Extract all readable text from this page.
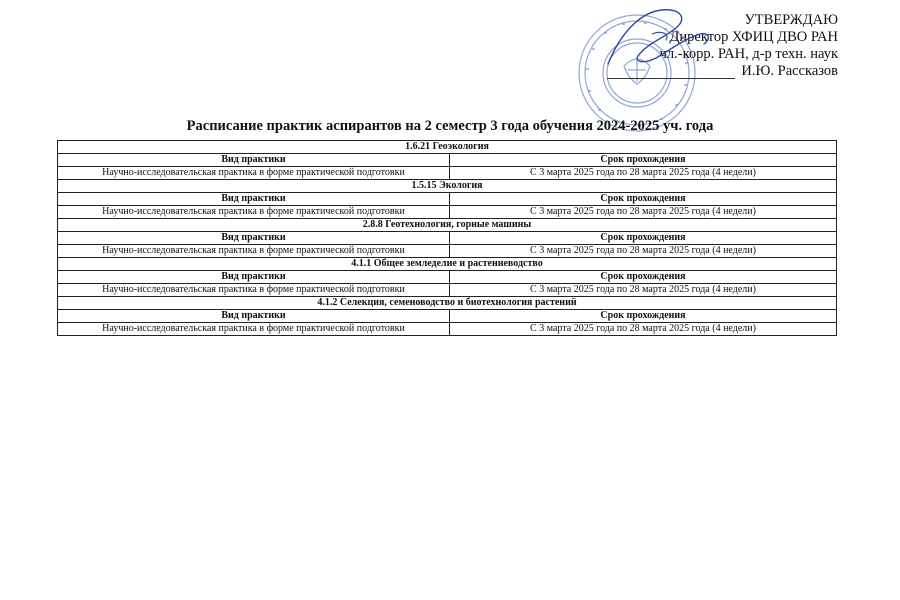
УТВЕРЖДАЮ
Директор ХФИЦ ДВО РАН
чл.-корр. РАН, д-р техн. наук
И.Ю. Рассказов
Расписание практик аспирантов на 2 семестр 3 года обучения 2024-2025 уч. года
1.6.21 Геоэкология	
Вид практики	Срок прохождения
Научно-исследовательская практика в форме практической подготовки	С 3 марта 2025 года по 28 марта 2025 года (4 недели)
1.5.15 Экология	
Вид практики	Срок прохождения
Научно-исследовательская практика в форме практической подготовки	С 3 марта 2025 года по 28 марта 2025 года (4 недели)
2.8.8 Геотехнология, горные машины	
Вид практики	Срок прохождения
Научно-исследовательская практика в форме практической подготовки	С 3 марта 2025 года по 28 марта 2025 года (4 недели)
4.1.1 Общее земледелие и растениеводство	
Вид практики	Срок прохождения
Научно-исследовательская практика в форме практической подготовки	С 3 марта 2025 года по 28 марта 2025 года (4 недели)
4.1.2 Селекция, семеноводство и биотехнология растений	
Вид практики	Срок прохождения
Научно-исследовательская практика в форме практической подготовки	С 3 марта 2025 года по 28 марта 2025 года (4 недели)
